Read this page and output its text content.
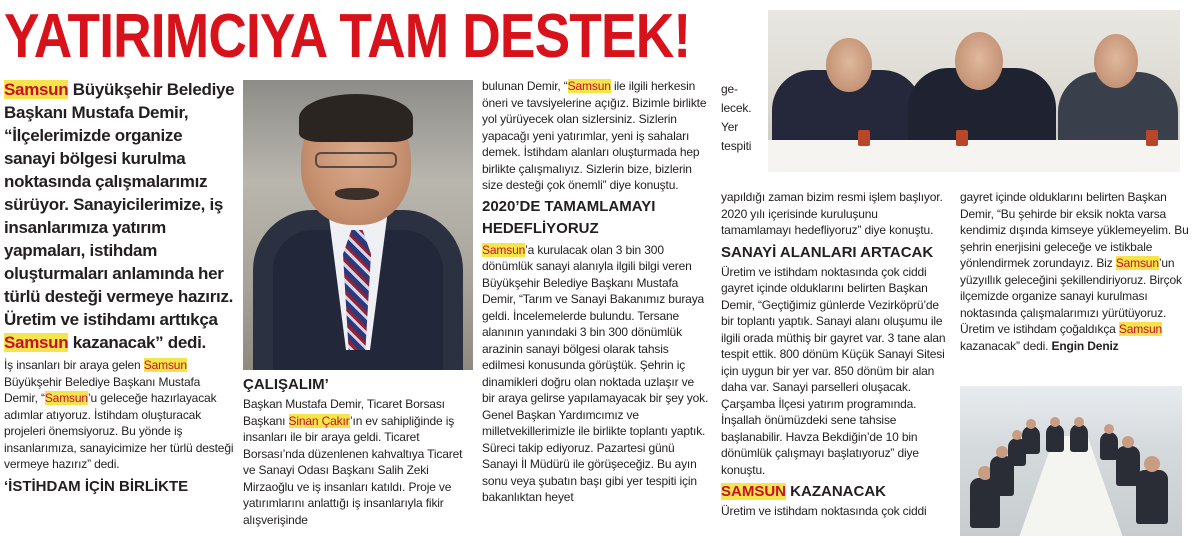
YATIRIMCIYA TAM DESTEK!

Samsun Büyükşehir Belediye Başkanı Mustafa Demir, “İlçelerimizde organize sanayi bölgesi kurulma noktasında çalışmalarımız sürüyor. Sanayicilerimize, iş insanlarımıza yatırım yapmaları, istihdam oluşturmaları anlamında her türlü desteği vermeye hazırız. Üretim ve istihdamı arttıkça Samsun kazanacak” dedi.

İş insanları bir araya gelen Samsun Büyükşehir Belediye Başkanı Mustafa Demir, “Samsun’u geleceğe hazırlayacak adımlar atıyoruz. İstihdam oluşturacak projeleri önemsiyoruz. Bu yönde iş insanlarımıza, sanayicimize her türlü desteği vermeye hazırız” dedi.

‘İSTİHDAM İÇİN BİRLİKTE

ÇALIŞALIM’

Başkan Mustafa Demir, Ticaret Borsası Başkanı Sinan Çakır’ın ev sahipliğinde iş insanları ile bir araya geldi. Ticaret Borsası’nda düzenlenen kahvaltıya Ticaret ve Sanayi Odası Başkanı Salih Zeki Mirzaoğlu ve iş insanları katıldı. Proje ve yatırımlarını anlattığı iş insanlarıyla fikir alışverişinde

bulunan Demir, “Samsun ile ilgili herkesin öneri ve tavsiyelerine açığız. Bizimle birlikte yol yürüyecek olan sizlersiniz. Sizlerin yapacağı yeni yatırımlar, yeni iş sahaları demek. İstihdam alanları oluşturmada hep birlikte çalışmalıyız. Sizlerin bize, bizlerin size desteği çok önemli” diye konuştu.

2020’DE TAMAMLAMAYI HEDEFLİYORUZ

Samsun’a kurulacak olan 3 bin 300 dönümlük sanayi alanıyla ilgili bilgi veren Büyükşehir Belediye Başkanı Mustafa Demir, “Tarım ve Sanayi Bakanımız buraya geldi. İncelemelerde bulundu. Tersane alanının yanındaki 3 bin 300 dönümlük arazinin sanayi bölgesi olarak tahsis edilmesi konusunda görüştük. Şehrin iç dinamikleri doğru olan noktada uzlaşır ve bir araya gelirse yapılamayacak bir şey yok. Genel Başkan Yardımcımız ve milletvekillerimizle ile birlikte toplantı yaptık. Süreci takip ediyoruz. Pazartesi günü Sanayi İl Müdürü ile görüşeceğiz. Bu ayın sonu veya şubatın başı gibi yer tespiti için bakanlıktan heyet

ge-
lecek.
Yer
tespiti

yapıldığı zaman bizim resmi işlem başlıyor. 2020 yılı içerisinde kuruluşunu tamamlamayı hedefliyoruz” diye konuştu.

SANAYİ ALANLARI ARTACAK

Üretim ve istihdam noktasında çok ciddi gayret içinde olduklarını belirten Başkan Demir, “Geçtiğimiz günlerde Vezirköprü’de bir toplantı yaptık. Sanayi alanı oluşumu ile ilgili orada müthiş bir gayret var. 3 tane alan tespit ettik. 800 dönüm Küçük Sanayi Sitesi için uygun bir yer var. 850 dönüm bir alan daha var. Sanayi parselleri oluşacak. Çarşamba İlçesi yatırım programında. İnşallah önümüzdeki sene tahsise başlanabilir. Havza Bekdiğin’de 10 bin dönümlük çalışmayı başlatıyoruz” diye konuştu.

SAMSUN KAZANACAK

Üretim ve istihdam noktasında çok ciddi

gayret içinde olduklarını belirten Başkan Demir, “Bu şehirde bir eksik nokta varsa kendimiz dışında kimseye yüklemeyelim. Bu şehrin enerjisini geleceğe ve istikbale yönlendirmek zorundayız. Biz Samsun’un yüzyıllık geleceğini şekillendiriyoruz. Birçok ilçemizde organize sanayi kurulması noktasında çalışmalarımızı yürütüyoruz. Üretim ve istihdam çoğaldıkça Samsun kazanacak” dedi. Engin Deniz
